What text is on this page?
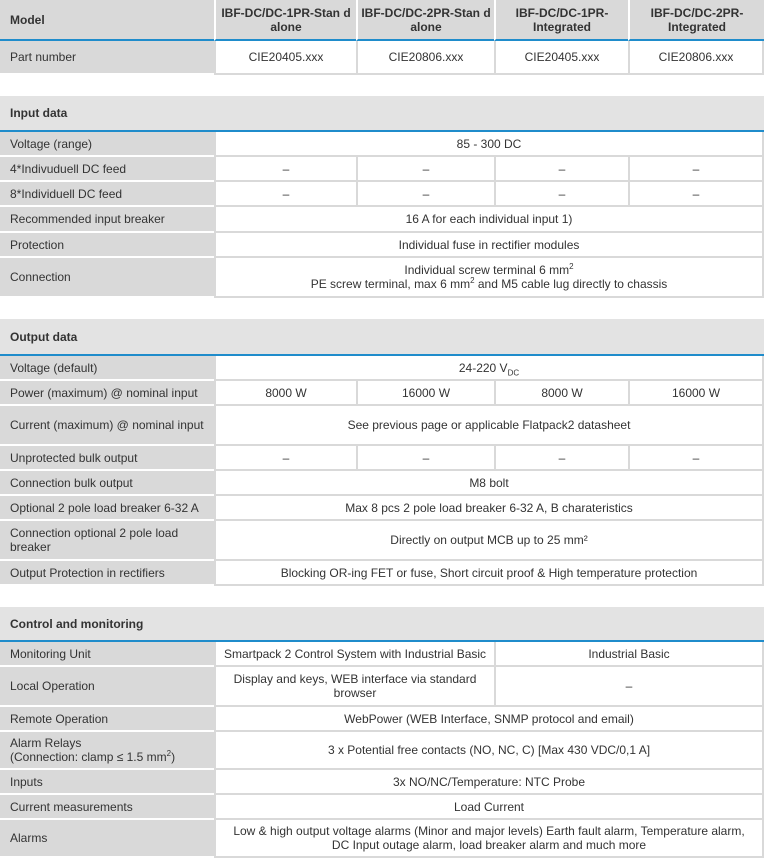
Model	IBF-DC/DC-1PR-Stan d alone	IBF-DC/DC-2PR-Stan d alone	IBF-DC/DC-1PR- Integrated	IBF-DC/DC-2PR- Integrated
Part number	CIE20405.xxx	CIE20806.xxx	CIE20405.xxx	CIE20806.xxx

Input data				
Voltage (range)	85 - 300 DC			
4*Indivuduell DC feed	–	–	–	–
8*Individuell DC feed	–	–	–	–
Recommended input breaker	16 A for each individual input 1)			
Protection	Individual fuse in rectifier modules			
Connection	Individual screw terminal 6 $mm^2$
PE screw terminal, max 6 $mm^2$ and M5 cable lug directly to chassis			

Output data				
Voltage (default)	24-220 $V_{DC}$
Power (maximum) @ nominal input	8000 W	16000 W	8000 W	16000 W
Current (maximum) @ nominal input	See previous page or applicable Flatpack2 datasheet			
Unprotected bulk output	–	–	–	–
Connection bulk output	M8 bolt			
Optional 2 pole load breaker 6-32 A	Max 8 pcs 2 pole load breaker 6-32 A, B charateristics			
Connection optional 2 pole load breaker	Directly on output MCB up to 25 mm²			
Output Protection in rectifiers	Blocking OR-ing FET or fuse, Short circuit proof & High temperature protection			

Control and monitoring				
Monitoring Unit	Smartpack 2 Control System with Industrial Basic		Industrial Basic	
Local Operation	Display and keys, WEB interface via standard browser		–	
Remote Operation	WebPower (WEB Interface, SNMP protocol and email)			
Alarm Relays
(Connection: clamp ≤ 1.5 $mm^2$)	3 x Potential free contacts (NO, NC, C) [Max 430 VDC/0,1 A]			
Inputs	3x NO/NC/Temperature: NTC Probe			
Current measurements	Load Current			
Alarms	Low & high output voltage alarms (Minor and major levels) Earth fault alarm, Temperature alarm, DC Input outage alarm, load breaker alarm and much more			
